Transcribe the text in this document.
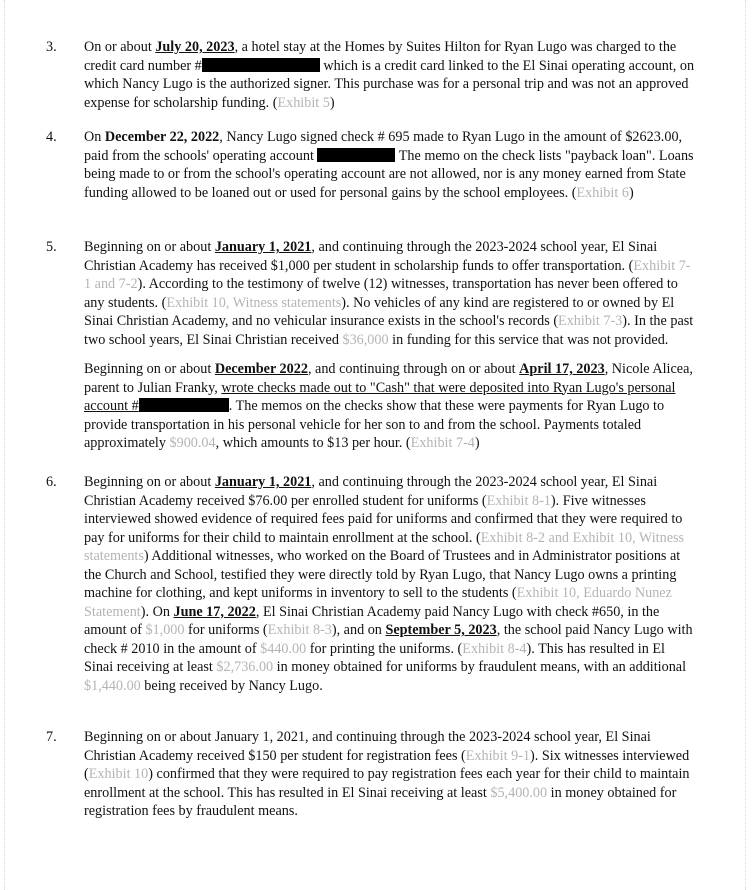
3. On or about July 20, 2023, a hotel stay at the Homes by Suites Hilton for Ryan Lugo was charged to the credit card number #	which is a credit card linked to the El Sinai operating account, on which Nancy Lugo is the authorized signer. This purchase was for a personal trip and was not an approved expense for scholarship funding. (Exhibit 5)

4. On December 22, 2022, Nancy Lugo signed check # 695 made to Ryan Lugo in the amount of $2623.00, paid from the schools' operating account	The memo on the check lists "payback loan". Loans being made to or from the school's operating account are not allowed, nor is any money earned from State funding allowed to be loaned out or used for personal gains by the school employees. (Exhibit 6)

5. Beginning on or about January 1, 2021, and continuing through the 2023-2024 school year, El Sinai Christian Academy has received $1,000 per student in scholarship funds to offer transportation. (Exhibit 7-1 and 7-2). According to the testimony of twelve (12) witnesses, transportation has never been offered to any students. (Exhibit 10, Witness statements). No vehicles of any kind are registered to or owned by El Sinai Christian Academy, and no vehicular insurance exists in the school's records (Exhibit 7-3). In the past two school years, El Sinai Christian received $36,000 in funding for this service that was not provided.

Beginning on or about December 2022, and continuing through on or about April 17, 2023, Nicole Alicea, parent to Julian Franky, wrote checks made out to "Cash" that were deposited into Ryan Lugo's personal account #	. The memos on the checks show that these were payments for Ryan Lugo to provide transportation in his personal vehicle for her son to and from the school. Payments totaled approximately $900.04, which amounts to $13 per hour. (Exhibit 7-4)

6. Beginning on or about January 1, 2021, and continuing through the 2023-2024 school year, El Sinai Christian Academy received $76.00 per enrolled student for uniforms (Exhibit 8-1). Five witnesses interviewed showed evidence of required fees paid for uniforms and confirmed that they were required to pay for uniforms for their child to maintain enrollment at the school. (Exhibit 8-2 and Exhibit 10, Witness statements) Additional witnesses, who worked on the Board of Trustees and in Administrator positions at the Church and School, testified they were directly told by Ryan Lugo, that Nancy Lugo owns a printing machine for clothing, and kept uniforms in inventory to sell to the students (Exhibit 10, Eduardo Nunez Statement). On June 17, 2022, El Sinai Christian Academy paid Nancy Lugo with check #650, in the amount of $1,000 for uniforms (Exhibit 8-3), and on September 5, 2023, the school paid Nancy Lugo with check # 2010 in the amount of $440.00 for printing the uniforms. (Exhibit 8-4). This has resulted in El Sinai receiving at least $2,736.00 in money obtained for uniforms by fraudulent means, with an additional $1,440.00 being received by Nancy Lugo.

7. Beginning on or about January 1, 2021, and continuing through the 2023-2024 school year, El Sinai Christian Academy received $150 per student for registration fees (Exhibit 9-1). Six witnesses interviewed (Exhibit 10) confirmed that they were required to pay registration fees each year for their child to maintain enrollment at the school. This has resulted in El Sinai receiving at least $5,400.00 in money obtained for registration fees by fraudulent means.
